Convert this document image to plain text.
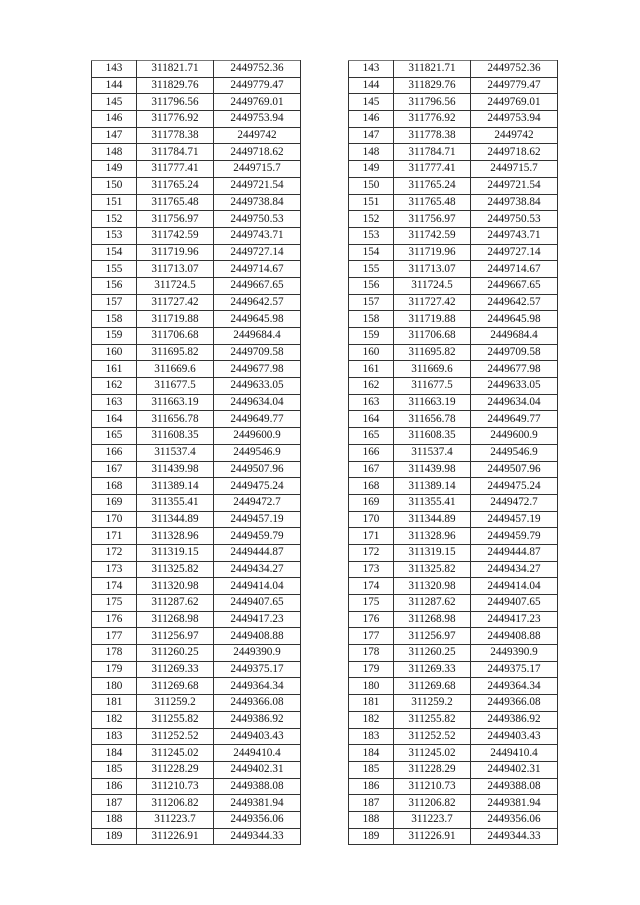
143	311821.71	2449752.36
144	311829.76	2449779.47
145	311796.56	2449769.01
146	311776.92	2449753.94
147	311778.38	2449742
148	311784.71	2449718.62
149	311777.41	2449715.7
150	311765.24	2449721.54
151	311765.48	2449738.84
152	311756.97	2449750.53
153	311742.59	2449743.71
154	311719.96	2449727.14
155	311713.07	2449714.67
156	311724.5	2449667.65
157	311727.42	2449642.57
158	311719.88	2449645.98
159	311706.68	2449684.4
160	311695.82	2449709.58
161	311669.6	2449677.98
162	311677.5	2449633.05
163	311663.19	2449634.04
164	311656.78	2449649.77
165	311608.35	2449600.9
166	311537.4	2449546.9
167	311439.98	2449507.96
168	311389.14	2449475.24
169	311355.41	2449472.7
170	311344.89	2449457.19
171	311328.96	2449459.79
172	311319.15	2449444.87
173	311325.82	2449434.27
174	311320.98	2449414.04
175	311287.62	2449407.65
176	311268.98	2449417.23
177	311256.97	2449408.88
178	311260.25	2449390.9
179	311269.33	2449375.17
180	311269.68	2449364.34
181	311259.2	2449366.08
182	311255.82	2449386.92
183	311252.52	2449403.43
184	311245.02	2449410.4
185	311228.29	2449402.31
186	311210.73	2449388.08
187	311206.82	2449381.94
188	311223.7	2449356.06
189	311226.91	2449344.33
143	311821.71	2449752.36
144	311829.76	2449779.47
145	311796.56	2449769.01
146	311776.92	2449753.94
147	311778.38	2449742
148	311784.71	2449718.62
149	311777.41	2449715.7
150	311765.24	2449721.54
151	311765.48	2449738.84
152	311756.97	2449750.53
153	311742.59	2449743.71
154	311719.96	2449727.14
155	311713.07	2449714.67
156	311724.5	2449667.65
157	311727.42	2449642.57
158	311719.88	2449645.98
159	311706.68	2449684.4
160	311695.82	2449709.58
161	311669.6	2449677.98
162	311677.5	2449633.05
163	311663.19	2449634.04
164	311656.78	2449649.77
165	311608.35	2449600.9
166	311537.4	2449546.9
167	311439.98	2449507.96
168	311389.14	2449475.24
169	311355.41	2449472.7
170	311344.89	2449457.19
171	311328.96	2449459.79
172	311319.15	2449444.87
173	311325.82	2449434.27
174	311320.98	2449414.04
175	311287.62	2449407.65
176	311268.98	2449417.23
177	311256.97	2449408.88
178	311260.25	2449390.9
179	311269.33	2449375.17
180	311269.68	2449364.34
181	311259.2	2449366.08
182	311255.82	2449386.92
183	311252.52	2449403.43
184	311245.02	2449410.4
185	311228.29	2449402.31
186	311210.73	2449388.08
187	311206.82	2449381.94
188	311223.7	2449356.06
189	311226.91	2449344.33
